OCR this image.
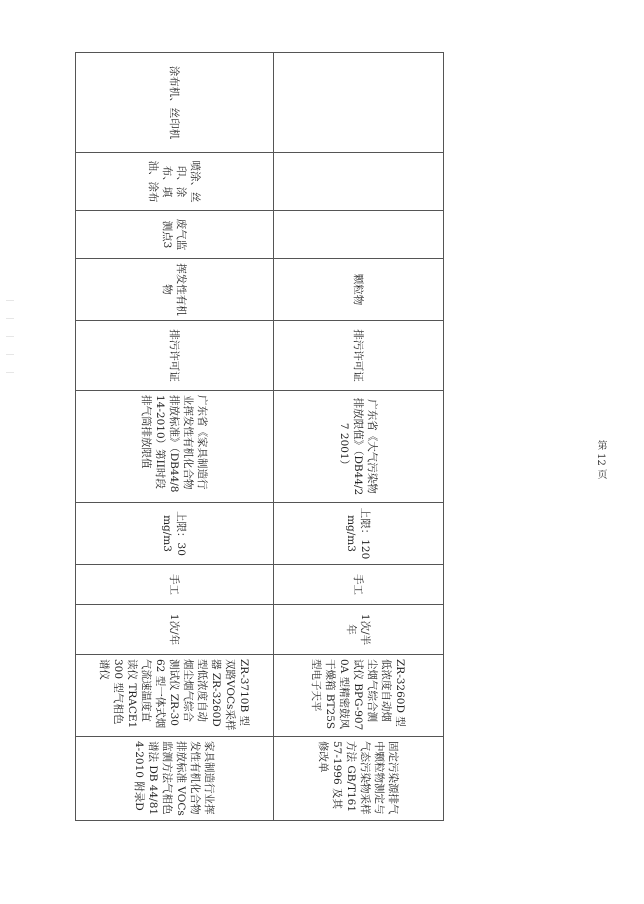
			颗粒物	排污许可证	广东省《大气污染物排放限值》（DB44/27 2001）	上限：120mg/m3	手工	1次/半年	ZR-3260D 型低浓度自动烟尘烟气综合测试仪 BPG-9070A 型精密鼓风干燥箱 BT25S 型电子天平	固定污染源排气中颗粒物测定与气态污染物采样方法 GB/T16157-1996 及其修改单
涂布机、丝印机	喷涂、丝印、涂布、填油、涂布	废气监测点3	挥发性有机物	排污许可证	广东省《家具制造行业挥发性有机化合物排放标准》（DB44/814-2010）第II时段排气筒排放限值	上限：30mg/m3	手工	1次/年	ZR-3710B 型双路VOCs采样器 ZR-3260D 型低浓度自动烟尘烟气综合测试仪 ZR-3062 型一体式烟气流速温度直读仪 TRACE1300 型气相色谱仪	家具制造行业挥发性有机化合物排放标准 VOCs监测方法气相色谱法 DB 44/814-2010 附录D
第 12 页
